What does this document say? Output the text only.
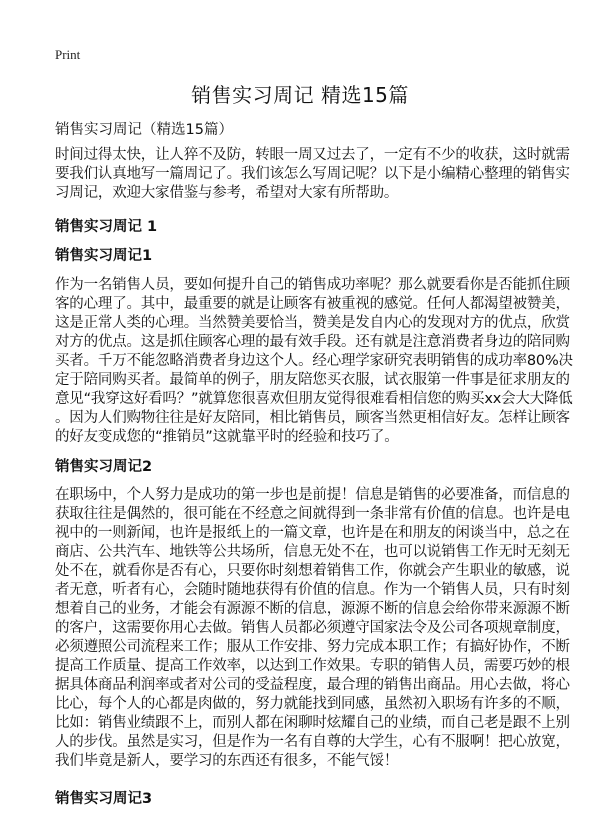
Print
销售实习周记 精选15篇
销售实习周记（精选15篇）
时间过得太快，让人猝不及防，转眼一周又过去了，一定有不少的收获，这时就需
要我们认真地写一篇周记了。我们该怎么写周记呢？以下是小编精心整理的销售实
习周记，欢迎大家借鉴与参考，希望对大家有所帮助。
销售实习周记 1
销售实习周记1
作为一名销售人员，要如何提升自己的销售成功率呢？那么就要看你是否能抓住顾
客的心理了。其中，最重要的就是让顾客有被重视的感觉。任何人都渴望被赞美，
这是正常人类的心理。当然赞美要恰当，赞美是发自内心的发现对方的优点，欣赏
对方的优点。这是抓住顾客心理的最有效手段。还有就是注意消费者身边的陪同购
买者。千万不能忽略消费者身边这个人。经心理学家研究表明销售的成功率80%决
定于陪同购买者。最简单的例子，朋友陪您买衣服，试衣服第一件事是征求朋友的
意见“我穿这好看吗？”就算您很喜欢但朋友觉得很难看相信您的购买xx会大大降低
。因为人们购物往往是好友陪同，相比销售员，顾客当然更相信好友。怎样让顾客
的好友变成您的“推销员”这就靠平时的经验和技巧了。
销售实习周记2
在职场中，个人努力是成功的第一步也是前提！信息是销售的必要准备，而信息的
获取往往是偶然的，很可能在不经意之间就得到一条非常有价值的信息。也许是电
视中的一则新闻，也许是报纸上的一篇文章，也许是在和朋友的闲谈当中，总之在
商店、公共汽车、地铁等公共场所，信息无处不在，也可以说销售工作无时无刻无
处不在，就看你是否有心，只要你时刻想着销售工作，你就会产生职业的敏感，说
者无意，听者有心，会随时随地获得有价值的信息。作为一个销售人员，只有时刻
想着自己的业务，才能会有源源不断的信息，源源不断的信息会给你带来源源不断
的客户，这需要你用心去做。销售人员都必须遵守国家法令及公司各项规章制度，
必须遵照公司流程来工作；服从工作安排、努力完成本职工作；有搞好协作，不断
提高工作质量、提高工作效率，以达到工作效果。专职的销售人员，需要巧妙的根
据具体商品利润率或者对公司的受益程度，最合理的销售出商品。用心去做，将心
比心，每个人的心都是肉做的，努力就能找到同感，虽然初入职场有许多的不顺，
比如：销售业绩跟不上，而别人都在闲聊时炫耀自己的业绩，而自己老是跟不上别
人的步伐。虽然是实习，但是作为一名有自尊的大学生，心有不服啊！把心放宽，
我们毕竟是新人，要学习的东西还有很多，不能气馁！
销售实习周记3
